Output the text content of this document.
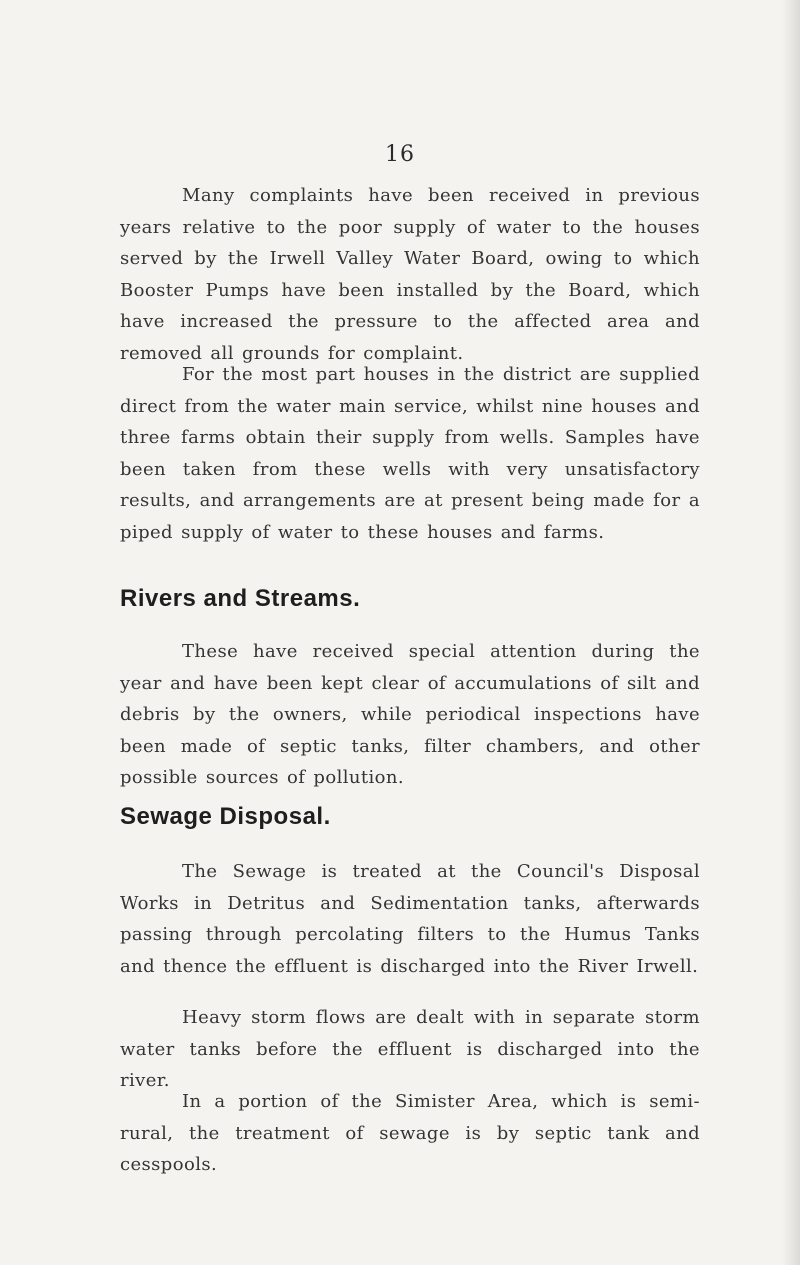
16

Many complaints have been received in previous years relative to the poor supply of water to the houses served by the Irwell Valley Water Board, owing to which Booster Pumps have been installed by the Board, which have increased the pressure to the affected area and removed all grounds for complaint.

For the most part houses in the district are supplied direct from the water main service, whilst nine houses and three farms obtain their supply from wells. Samples have been taken from these wells with very unsatisfactory results, and arrangements are at present being made for a piped supply of water to these houses and farms.

Rivers and Streams.

These have received special attention during the year and have been kept clear of accumulations of silt and debris by the owners, while periodical inspections have been made of septic tanks, filter chambers, and other possible sources of pollution.

Sewage Disposal.

The Sewage is treated at the Council's Disposal Works in Detritus and Sedimentation tanks, afterwards passing through percolating filters to the Humus Tanks and thence the effluent is discharged into the River Irwell.

Heavy storm flows are dealt with in separate storm water tanks before the effluent is discharged into the river.

In a portion of the Simister Area, which is semi-rural, the treatment of sewage is by septic tank and cesspools.
